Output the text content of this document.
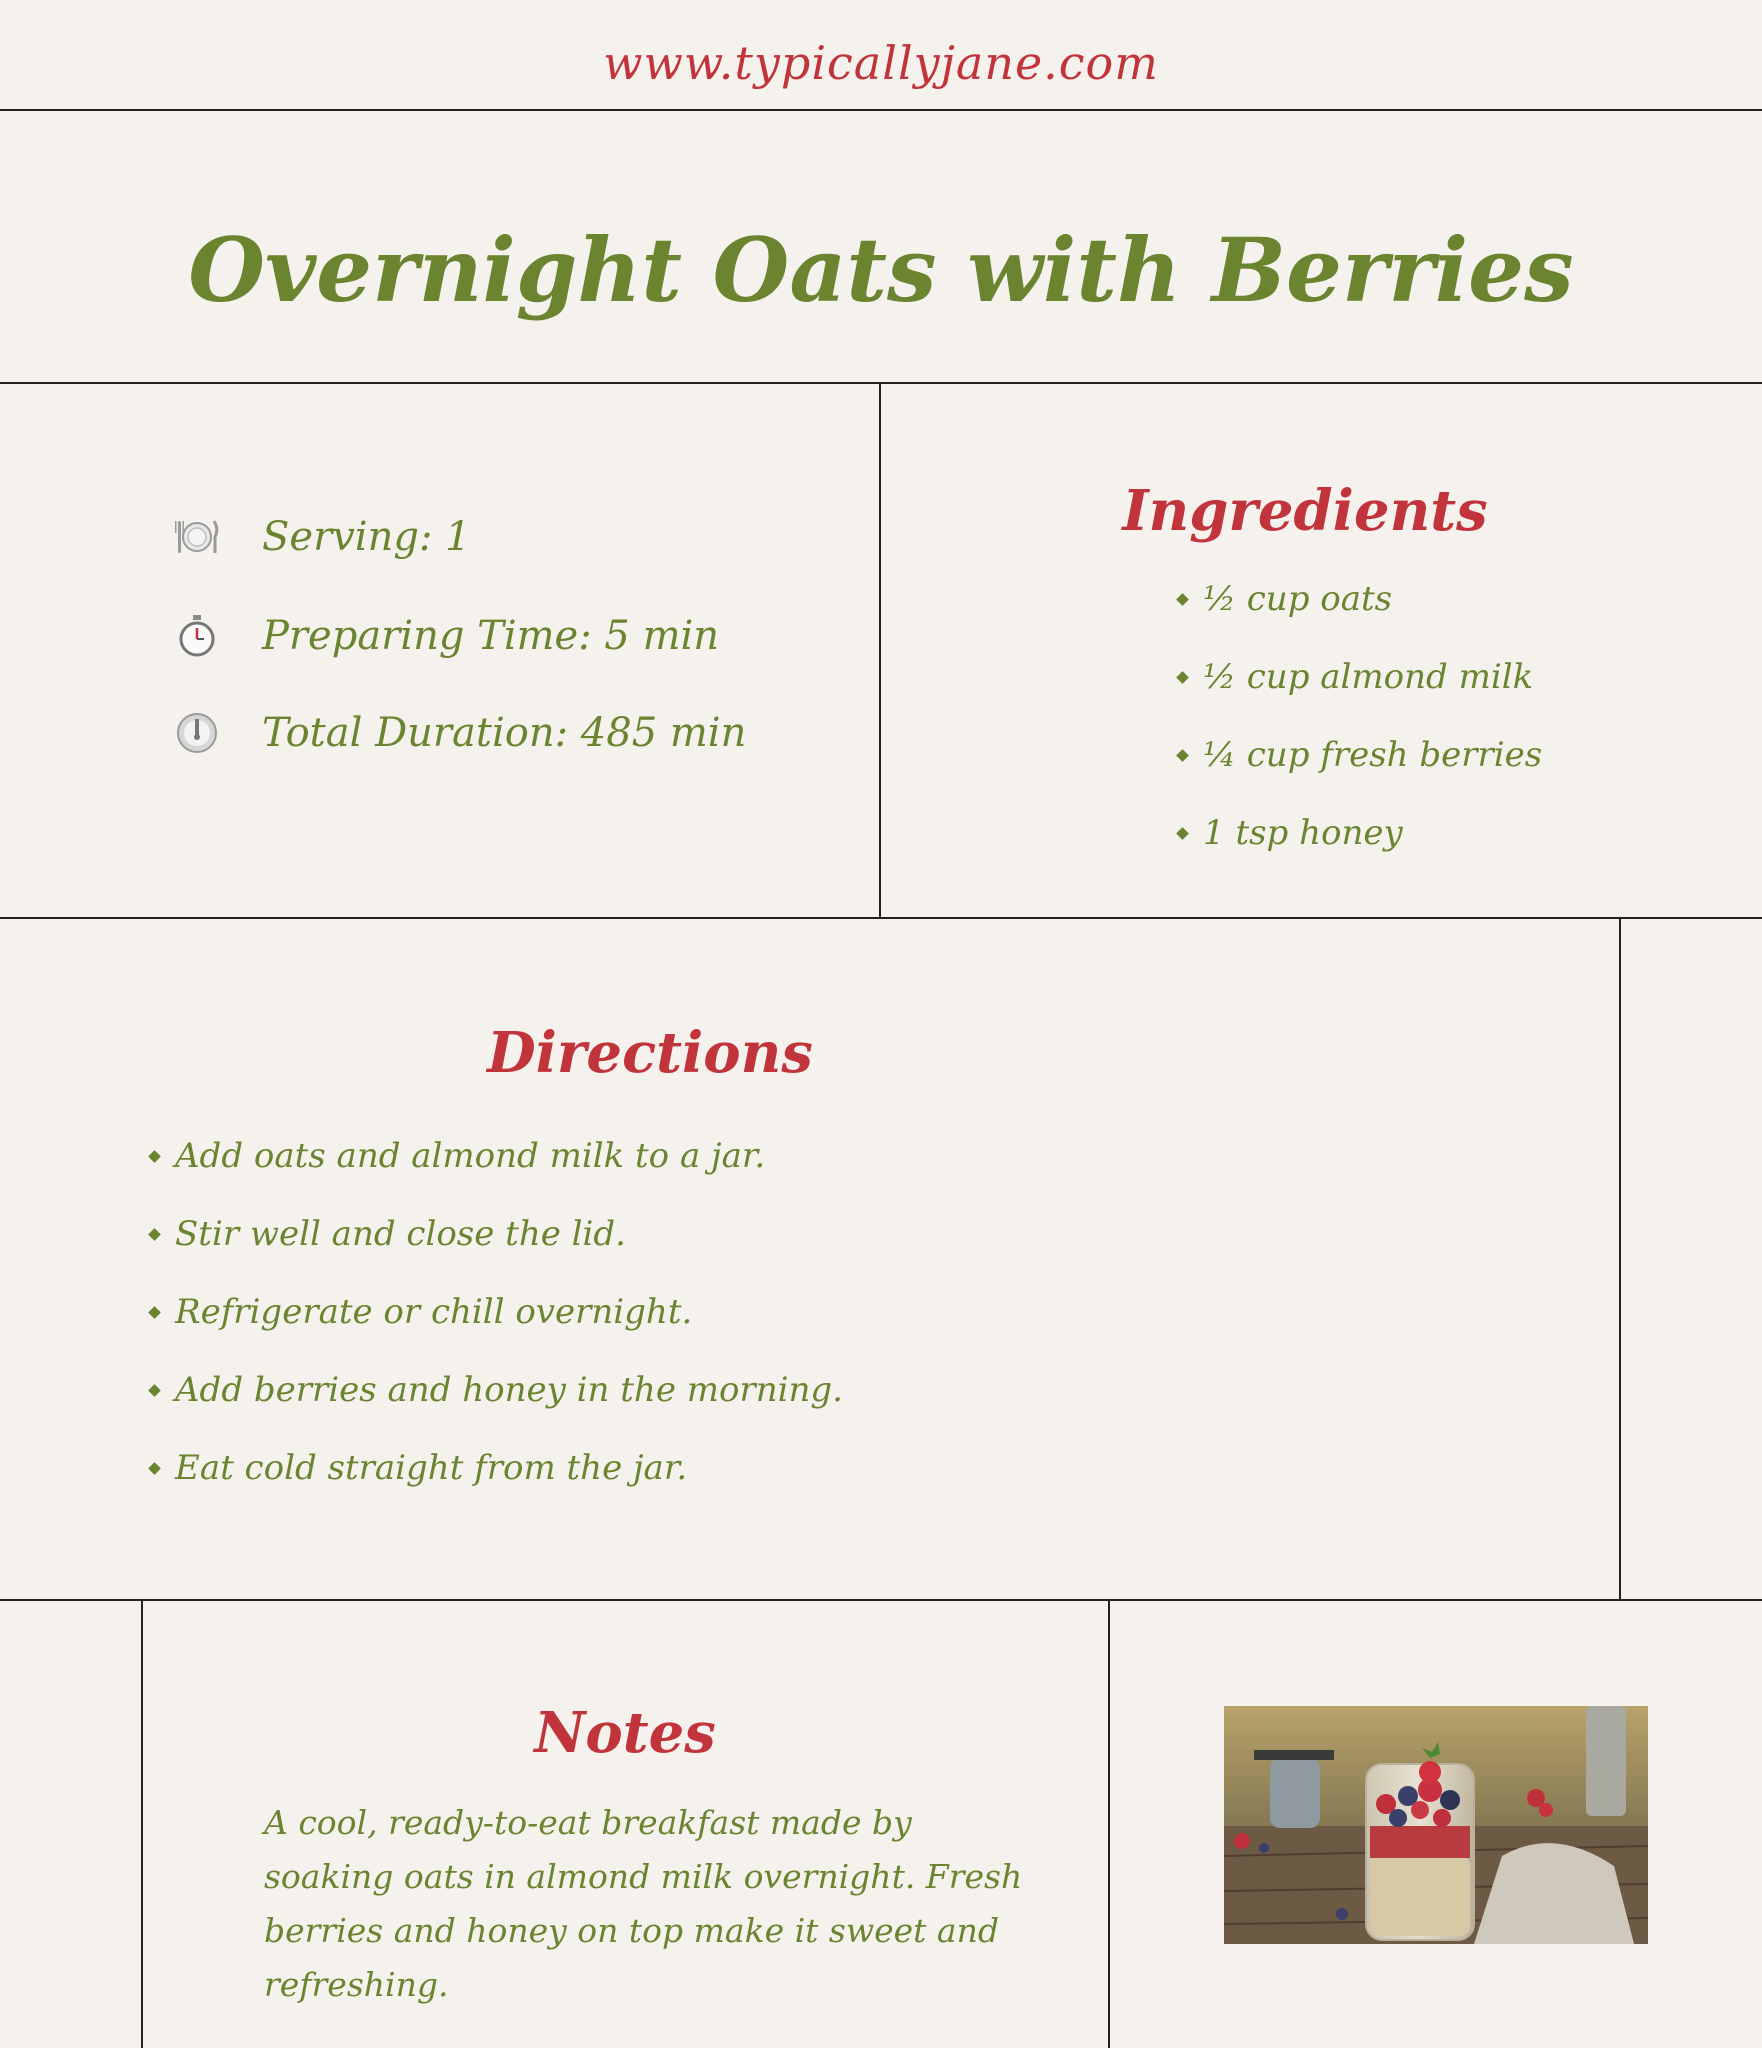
www.typicallyjane.com
Overnight Oats with Berries
Serving: 1
Preparing Time: 5 min
Total Duration: 485 min
Ingredients
½ cup oats
½ cup almond milk
¼ cup fresh berries
1 tsp honey
Directions
Add oats and almond milk to a jar.
Stir well and close the lid.
Refrigerate or chill overnight.
Add berries and honey in the morning.
Eat cold straight from the jar.
Notes
A cool, ready-to-eat breakfast made by soaking oats in almond milk overnight. Fresh berries and honey on top make it sweet and refreshing.
